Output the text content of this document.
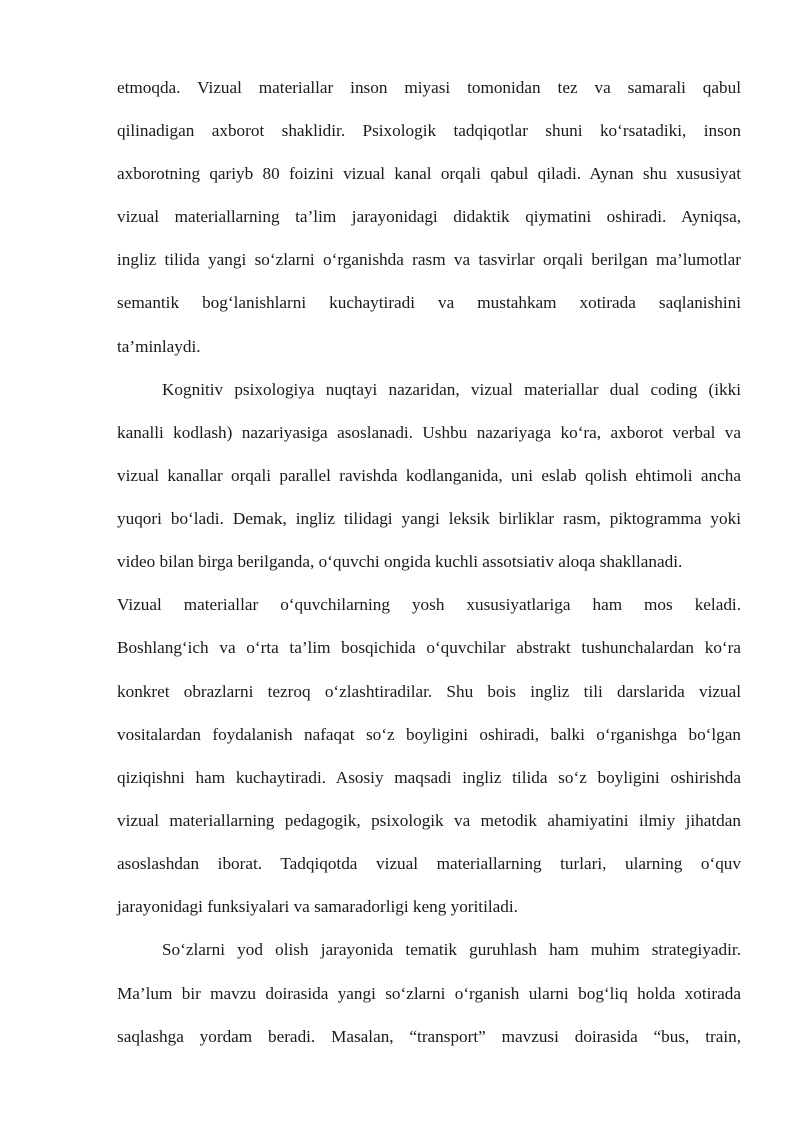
etmoqda. Vizual materiallar inson miyasi tomonidan tez va samarali qabul
qilinadigan axborot shaklidir. Psixologik tadqiqotlar shuni ko‘rsatadiki, inson
axborotning qariyb 80 foizini vizual kanal orqali qabul qiladi. Aynan shu xususiyat
vizual materiallarning ta’lim jarayonidagi didaktik qiymatini oshiradi. Ayniqsa,
ingliz tilida yangi so‘zlarni o‘rganishda rasm va tasvirlar orqali berilgan ma’lumotlar
semantik bog‘lanishlarni kuchaytiradi va mustahkam xotirada saqlanishini
ta’minlaydi.
Kognitiv psixologiya nuqtayi nazaridan, vizual materiallar dual coding (ikki
kanalli kodlash) nazariyasiga asoslanadi. Ushbu nazariyaga ko‘ra, axborot verbal va
vizual kanallar orqali parallel ravishda kodlanganida, uni eslab qolish ehtimoli ancha
yuqori bo‘ladi. Demak, ingliz tilidagi yangi leksik birliklar rasm, piktogramma yoki
video bilan birga berilganda, o‘quvchi ongida kuchli assotsiativ aloqa shakllanadi.
Vizual materiallar o‘quvchilarning yosh xususiyatlariga ham mos keladi.
Boshlang‘ich va o‘rta ta’lim bosqichida o‘quvchilar abstrakt tushunchalardan ko‘ra
konkret obrazlarni tezroq o‘zlashtiradilar. Shu bois ingliz tili darslarida vizual
vositalardan foydalanish nafaqat so‘z boyligini oshiradi, balki o‘rganishga bo‘lgan
qiziqishni ham kuchaytiradi. Asosiy maqsadi ingliz tilida so‘z boyligini oshirishda
vizual materiallarning pedagogik, psixologik va metodik ahamiyatini ilmiy jihatdan
asoslashdan iborat. Tadqiqotda vizual materiallarning turlari, ularning o‘quv
jarayonidagi funksiyalari va samaradorligi keng yoritiladi.
So‘zlarni yod olish jarayonida tematik guruhlash ham muhim strategiyadir.
Ma’lum bir mavzu doirasida yangi so‘zlarni o‘rganish ularni bog‘liq holda xotirada
saqlashga yordam beradi. Masalan, “transport” mavzusi doirasida “bus, train,
